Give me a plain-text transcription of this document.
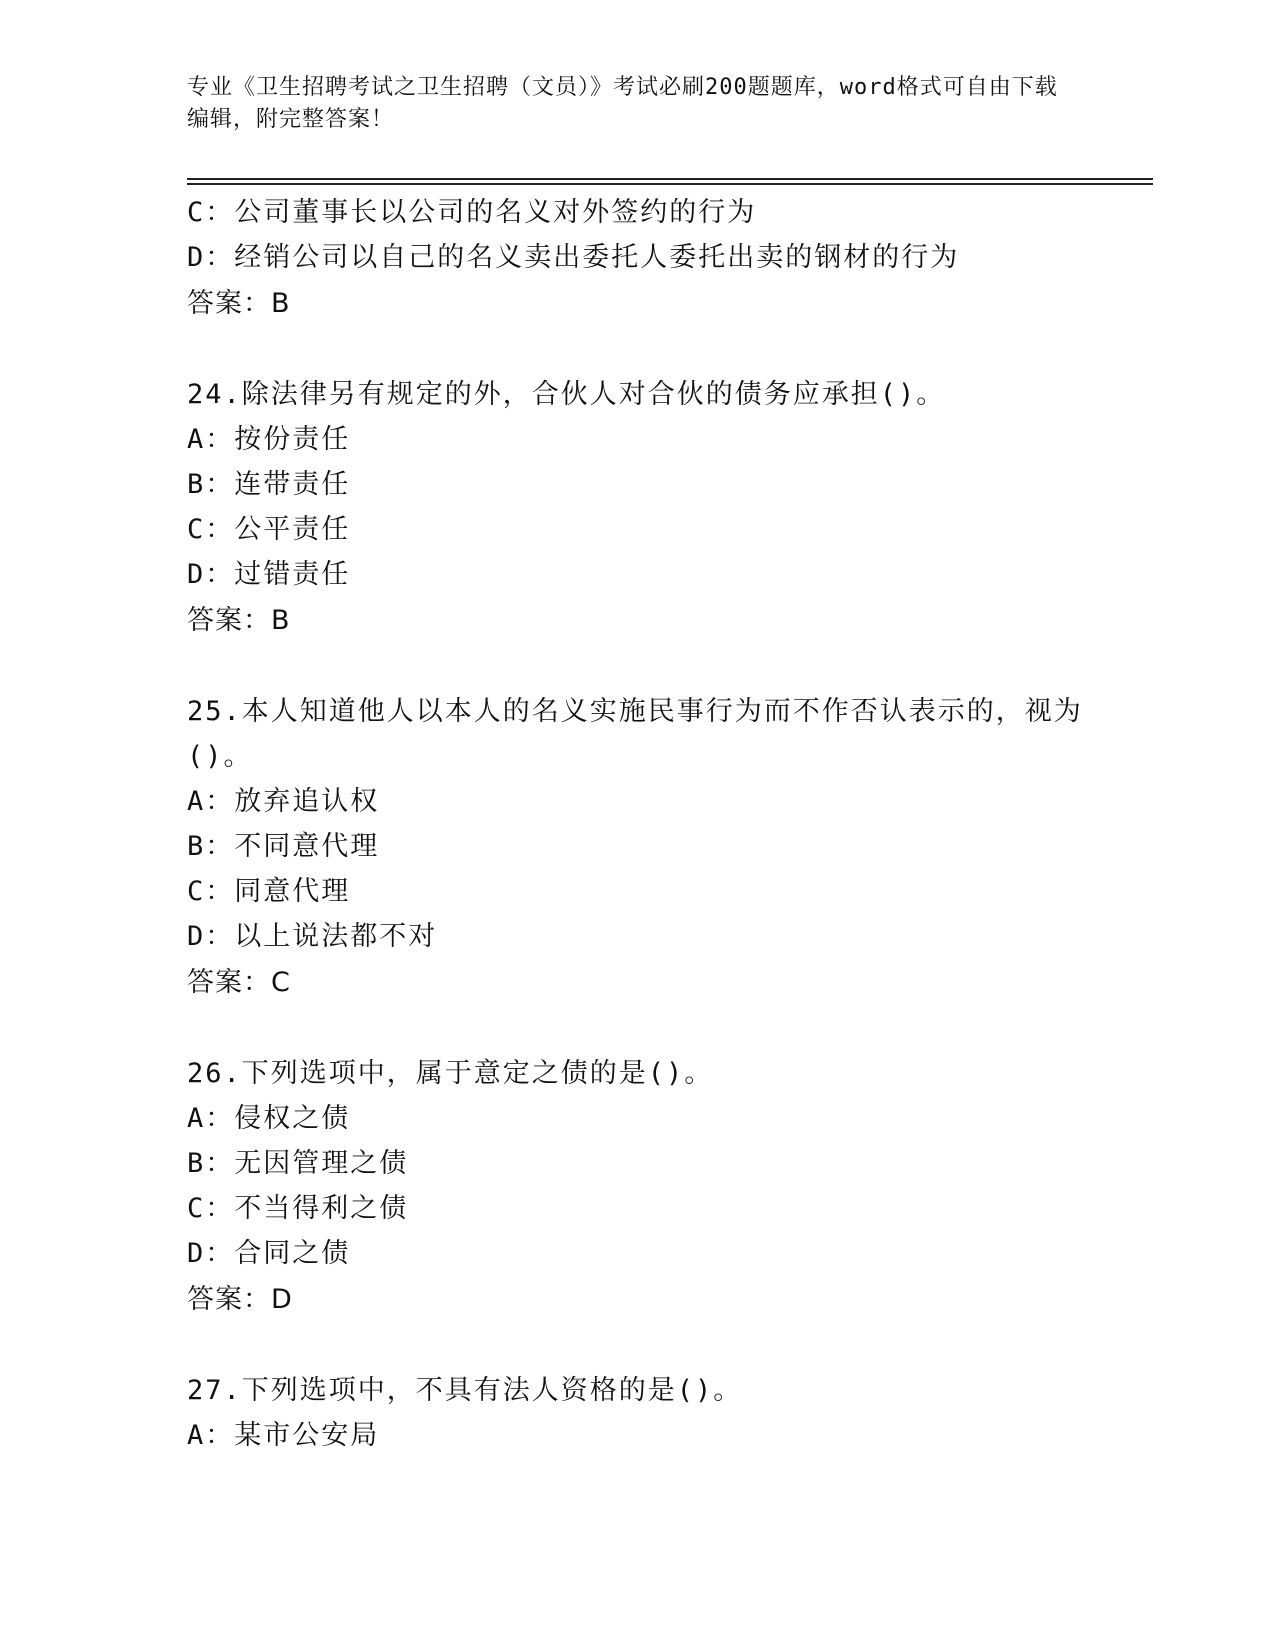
专业《卫生招聘考试之卫生招聘（文员）》考试必刷200题题库，word格式可自由下载编辑，附完整答案！
C：公司董事长以公司的名义对外签约的行为
D：经销公司以自己的名义卖出委托人委托出卖的钢材的行为
答案：B
24.除法律另有规定的外，合伙人对合伙的债务应承担()。
A：按份责任
B：连带责任
C：公平责任
D：过错责任
答案：B
25.本人知道他人以本人的名义实施民事行为而不作否认表示的，视为()。
A：放弃追认权
B：不同意代理
C：同意代理
D：以上说法都不对
答案：C
26.下列选项中，属于意定之债的是()。
A：侵权之债
B：无因管理之债
C：不当得利之债
D：合同之债
答案：D
27.下列选项中，不具有法人资格的是()。
A：某市公安局
